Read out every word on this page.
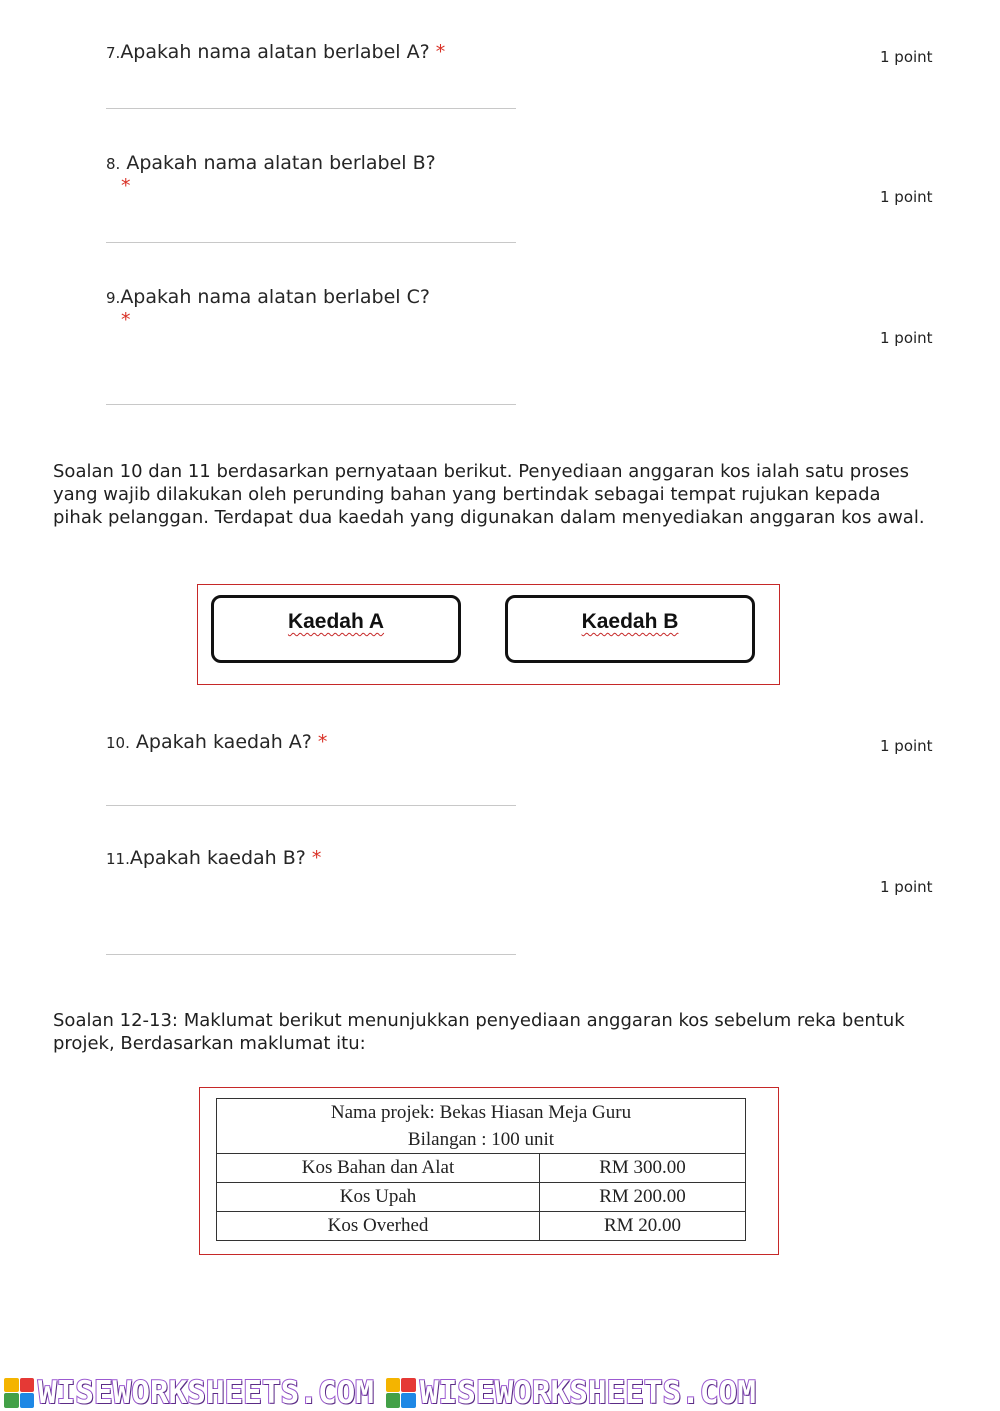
7.Apakah nama alatan berlabel A? *	1 point
8. Apakah nama alatan berlabel B?
*	1 point
9.Apakah nama alatan berlabel C?
*
1 point
Soalan 10 dan 11 berdasarkan pernyataan berikut. Penyediaan anggaran kos ialah satu proses yang wajib dilakukan oleh perunding bahan yang bertindak sebagai tempat rujukan kepada pihak pelanggan. Terdapat dua kaedah yang digunakan dalam menyediakan anggaran kos awal.
Kaedah A	Kaedah B
10. Apakah kaedah A? *	1 point
11.Apakah kaedah B? *
1 point
Soalan 12-13: Maklumat berikut menunjukkan penyediaan anggaran kos sebelum reka bentuk projek, Berdasarkan maklumat itu:
Nama projek: Bekas Hiasan Meja Guru
Bilangan : 100 unit	

Kos Bahan dan Alat	RM 300.00
Kos Upah	RM 200.00
Kos Overhed	RM 20.00
WISEWORKSHEETS.COM WISEWORKSHEETS.COM
